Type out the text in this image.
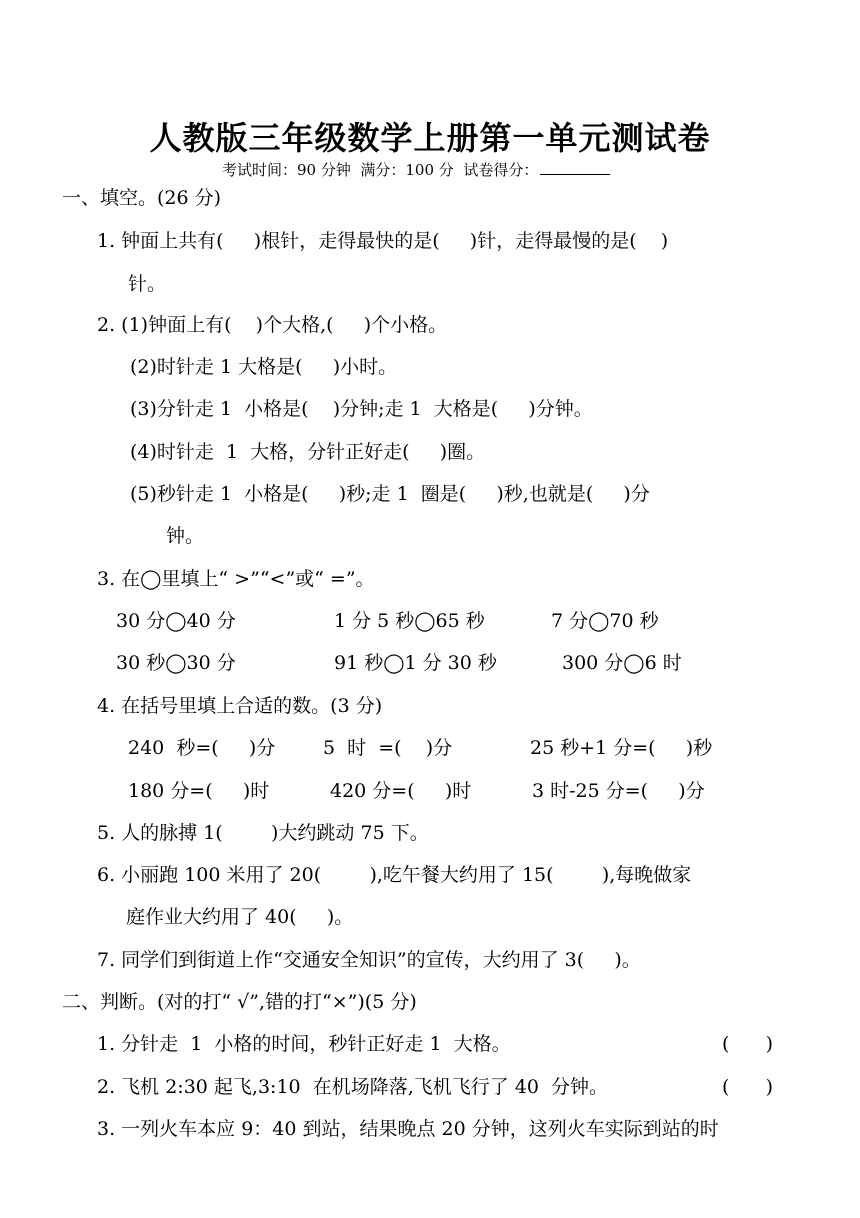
人教版三年级数学上册第一单元测试卷
考试时间：90 分钟  满分：100 分  试卷得分：
一、填空。(26 分)
1. 钟面上共有(     )根针，走得最快的是(     )针，走得最慢的是(    )
针。
2. (1)钟面上有(    )个大格,(     )个小格。
(2)时针走 1 大格是(     )小时。
(3)分针走 1  小格是(    )分钟;走 1  大格是(     )分钟。
(4)时针走  1  大格，分针正好走(     )圈。
(5)秒针走 1  小格是(     )秒;走 1  圈是(     )秒,也就是(     )分
钟。
3. 在◯里填上“ >”“<”或“ =”。
30 分◯40 分	1 分 5 秒◯65 秒	7 分◯70 秒
30 秒◯30 分	91 秒◯1 分 30 秒	300 分◯6 时
4. 在括号里填上合适的数。(3 分)
240  秒=(     )分	5  时  =(    )分	25 秒+1 分=(     )秒
180 分=(     )时	420 分=(     )时	3 时-25 分=(     )分
5. 人的脉搏 1(        )大约跳动 75 下。
6. 小丽跑 100 米用了 20(        ),吃午餐大约用了 15(        ),每晚做家
庭作业大约用了 40(     )。
7. 同学们到街道上作“交通安全知识”的宣传，大约用了 3(     )。
二、判断。(对的打“ √”,错的打“×”)(5 分)
1. 分针走  1  小格的时间，秒针正好走 1  大格。	(      )
2. 飞机 2:30 起飞,3:10  在机场降落,飞机飞行了 40  分钟。	(      )
3. 一列火车本应 9：40 到站，结果晚点 20 分钟，这列火车实际到站的时
